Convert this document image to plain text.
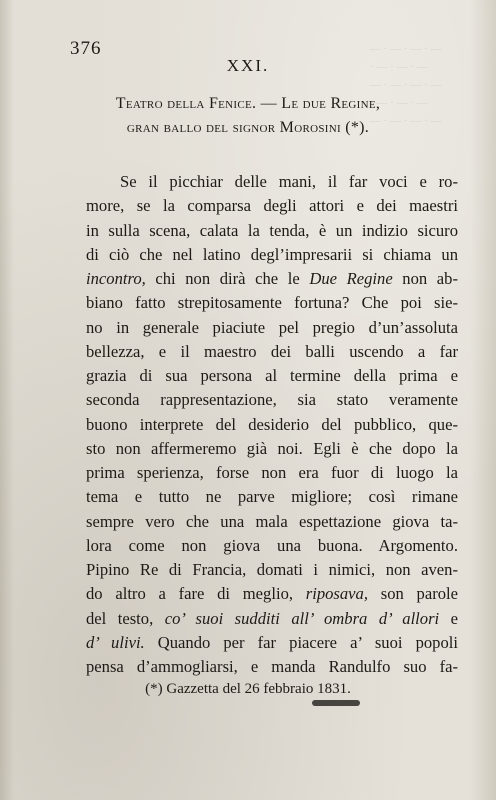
— · — · — · —
— · — · — ·
— · — · — · —
— · — · — ·
— · — · — · —
376
XXI.
Teatro della Fenice. — Le due Regine,
gran ballo del signor Morosini (*).
Se il picchiar delle mani, il far voci e ro-
more, se la comparsa degli attori e dei maestri
in sulla scena, calata la tenda, è un indizio sicuro
di ciò che nel latino degl’impresarii si chiama un
incontro, chi non dirà che le Due Regine non ab-
biano fatto strepitosamente fortuna? Che poi sie-
no in generale piaciute pel pregio d’un’assoluta
bellezza, e il maestro dei balli uscendo a far
grazia di sua persona al termine della prima e
seconda rappresentazione, sia stato veramente
buono interprete del desiderio del pubblico, que-
sto non affermeremo già noi. Egli è che dopo la
prima sperienza, forse non era fuor di luogo la
tema e tutto ne parve migliore; così rimane
sempre vero che una mala espettazione giova ta-
lora come non giova una buona. Argomento.
Pipino Re di Francia, domati i nimici, non aven-
do altro a fare di meglio, riposava, son parole
del testo, co’ suoi sudditi all’ ombra d’ allori e
d’ ulivi. Quando per far piacere a’ suoi popoli
pensa d’ammogliarsi, e manda Randulfo suo fa-
(*) Gazzetta del 26 febbraio 1831.
